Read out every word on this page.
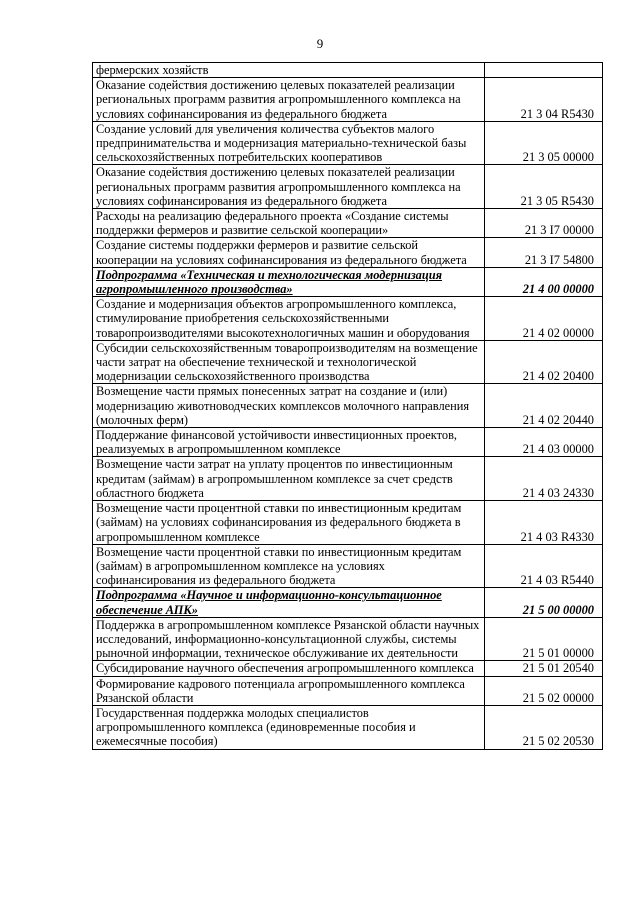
9
фермерских хозяйств	
Оказание содействия достижению целевых показателей реализации региональных программ развития агропромышленного комплекса на условиях софинансирования из федерального бюджета	21 3 04 R5430
Создание условий для увеличения количества субъектов малого предпринимательства и модернизация материально-технической базы сельскохозяйственных потребительских кооперативов	21 3 05 00000
Оказание содействия достижению целевых показателей реализации региональных программ развития агропромышленного комплекса на условиях софинансирования из федерального бюджета	21 3 05 R5430
Расходы на реализацию федерального проекта «Создание системы поддержки фермеров и развитие сельской кооперации»	21 3 I7 00000
Создание системы поддержки фермеров и развитие сельской кооперации на условиях софинансирования из федерального бюджета	21 3 I7 54800
Подпрограмма «Техническая и технологическая модернизация агропромышленного производства»	21 4 00 00000
Создание и модернизация объектов агропромышленного комплекса, стимулирование приобретения сельскохозяйственными товаропроизводителями высокотехнологичных машин и оборудования	21 4 02 00000
Субсидии сельскохозяйственным товаропроизводителям на возмещение части затрат на обеспечение технической и технологической модернизации сельскохозяйственного производства	21 4 02 20400
Возмещение части прямых понесенных затрат на создание и (или) модернизацию животноводческих комплексов молочного направления (молочных ферм)	21 4 02 20440
Поддержание финансовой устойчивости инвестиционных проектов, реализуемых в агропромышленном комплексе	21 4 03 00000
Возмещение части затрат на уплату процентов по инвестиционным кредитам (займам) в агропромышленном комплексе за счет средств областного бюджета	21 4 03 24330
Возмещение части процентной ставки по инвестиционным кредитам (займам) на условиях софинансирования из федерального бюджета в агропромышленном комплексе	21 4 03 R4330
Возмещение части процентной ставки по инвестиционным кредитам (займам) в агропромышленном комплексе на условиях софинансирования из федерального бюджета	21 4 03 R5440
Подпрограмма «Научное и информационно-консультационное обеспечение АПК»	21 5 00 00000
Поддержка в агропромышленном комплексе Рязанской области научных исследований, информационно-консультационной службы, системы рыночной информации, техническое обслуживание их деятельности	21 5 01 00000
Субсидирование научного обеспечения агропромышленного комплекса	21 5 01 20540
Формирование кадрового потенциала агропромышленного комплекса Рязанской области	21 5 02 00000
Государственная поддержка молодых специалистов агропромышленного комплекса (единовременные пособия и ежемесячные пособия)	21 5 02 20530
